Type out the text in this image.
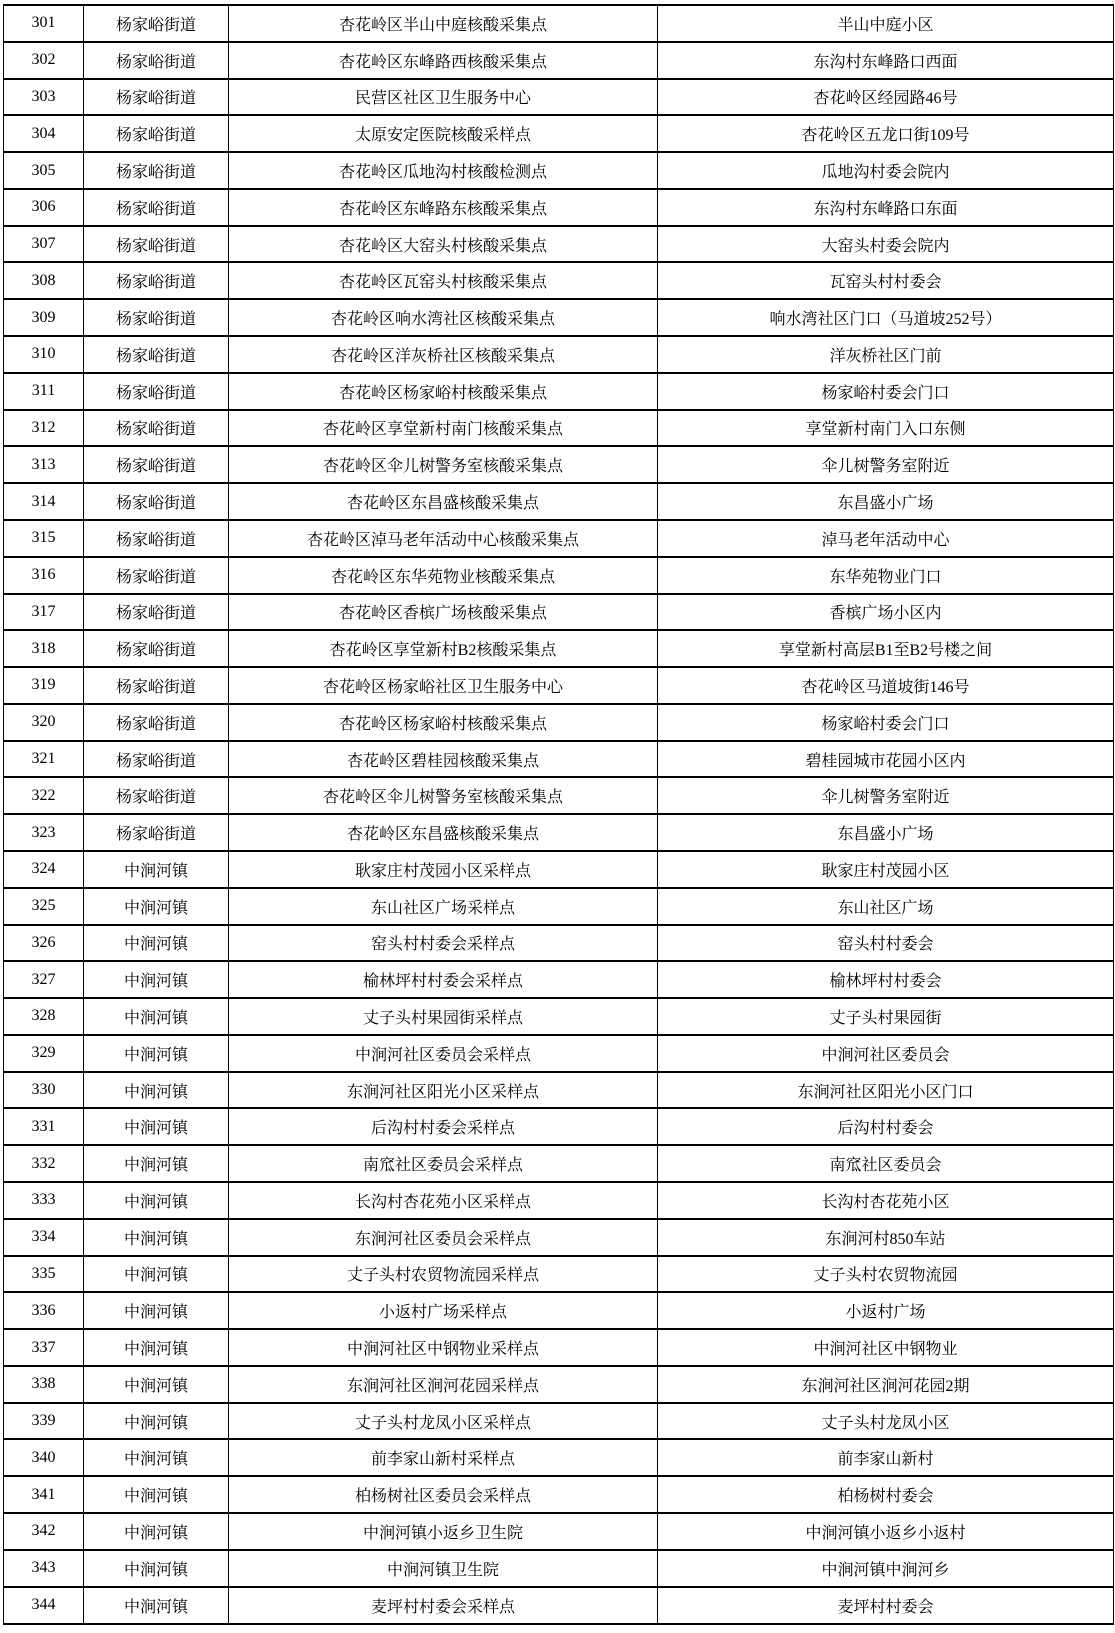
301	杨家峪街道	杏花岭区半山中庭核酸采集点	半山中庭小区
302	杨家峪街道	杏花岭区东峰路西核酸采集点	东沟村东峰路口西面
303	杨家峪街道	民营区社区卫生服务中心	杏花岭区经园路46号
304	杨家峪街道	太原安定医院核酸采样点	杏花岭区五龙口街109号
305	杨家峪街道	杏花岭区瓜地沟村核酸检测点	瓜地沟村委会院内
306	杨家峪街道	杏花岭区东峰路东核酸采集点	东沟村东峰路口东面
307	杨家峪街道	杏花岭区大窑头村核酸采集点	大窑头村委会院内
308	杨家峪街道	杏花岭区瓦窑头村核酸采集点	瓦窑头村村委会
309	杨家峪街道	杏花岭区响水湾社区核酸采集点	响水湾社区门口（马道坡252号）
310	杨家峪街道	杏花岭区洋灰桥社区核酸采集点	洋灰桥社区门前
311	杨家峪街道	杏花岭区杨家峪村核酸采集点	杨家峪村委会门口
312	杨家峪街道	杏花岭区享堂新村南门核酸采集点	享堂新村南门入口东侧
313	杨家峪街道	杏花岭区伞儿树警务室核酸采集点	伞儿树警务室附近
314	杨家峪街道	杏花岭区东昌盛核酸采集点	东昌盛小广场
315	杨家峪街道	杏花岭区淖马老年活动中心核酸采集点	淖马老年活动中心
316	杨家峪街道	杏花岭区东华苑物业核酸采集点	东华苑物业门口
317	杨家峪街道	杏花岭区香槟广场核酸采集点	香槟广场小区内
318	杨家峪街道	杏花岭区享堂新村B2核酸采集点	享堂新村高层B1至B2号楼之间
319	杨家峪街道	杏花岭区杨家峪社区卫生服务中心	杏花岭区马道坡街146号
320	杨家峪街道	杏花岭区杨家峪村核酸采集点	杨家峪村委会门口
321	杨家峪街道	杏花岭区碧桂园核酸采集点	碧桂园城市花园小区内
322	杨家峪街道	杏花岭区伞儿树警务室核酸采集点	伞儿树警务室附近
323	杨家峪街道	杏花岭区东昌盛核酸采集点	东昌盛小广场
324	中涧河镇	耿家庄村茂园小区采样点	耿家庄村茂园小区
325	中涧河镇	东山社区广场采样点	东山社区广场
326	中涧河镇	窑头村村委会采样点	窑头村村委会
327	中涧河镇	榆林坪村村委会采样点	榆林坪村村委会
328	中涧河镇	丈子头村果园街采样点	丈子头村果园街
329	中涧河镇	中涧河社区委员会采样点	中涧河社区委员会
330	中涧河镇	东涧河社区阳光小区采样点	东涧河社区阳光小区门口
331	中涧河镇	后沟村村委会采样点	后沟村村委会
332	中涧河镇	南窊社区委员会采样点	南窊社区委员会
333	中涧河镇	长沟村杏花苑小区采样点	长沟村杏花苑小区
334	中涧河镇	东涧河社区委员会采样点	东涧河村850车站
335	中涧河镇	丈子头村农贸物流园采样点	丈子头村农贸物流园
336	中涧河镇	小返村广场采样点	小返村广场
337	中涧河镇	中涧河社区中钢物业采样点	中涧河社区中钢物业
338	中涧河镇	东涧河社区涧河花园采样点	东涧河社区涧河花园2期
339	中涧河镇	丈子头村龙凤小区采样点	丈子头村龙凤小区
340	中涧河镇	前李家山新村采样点	前李家山新村
341	中涧河镇	柏杨树社区委员会采样点	柏杨树村委会
342	中涧河镇	中涧河镇小返乡卫生院	中涧河镇小返乡小返村
343	中涧河镇	中涧河镇卫生院	中涧河镇中涧河乡
344	中涧河镇	麦坪村村委会采样点	麦坪村村委会
